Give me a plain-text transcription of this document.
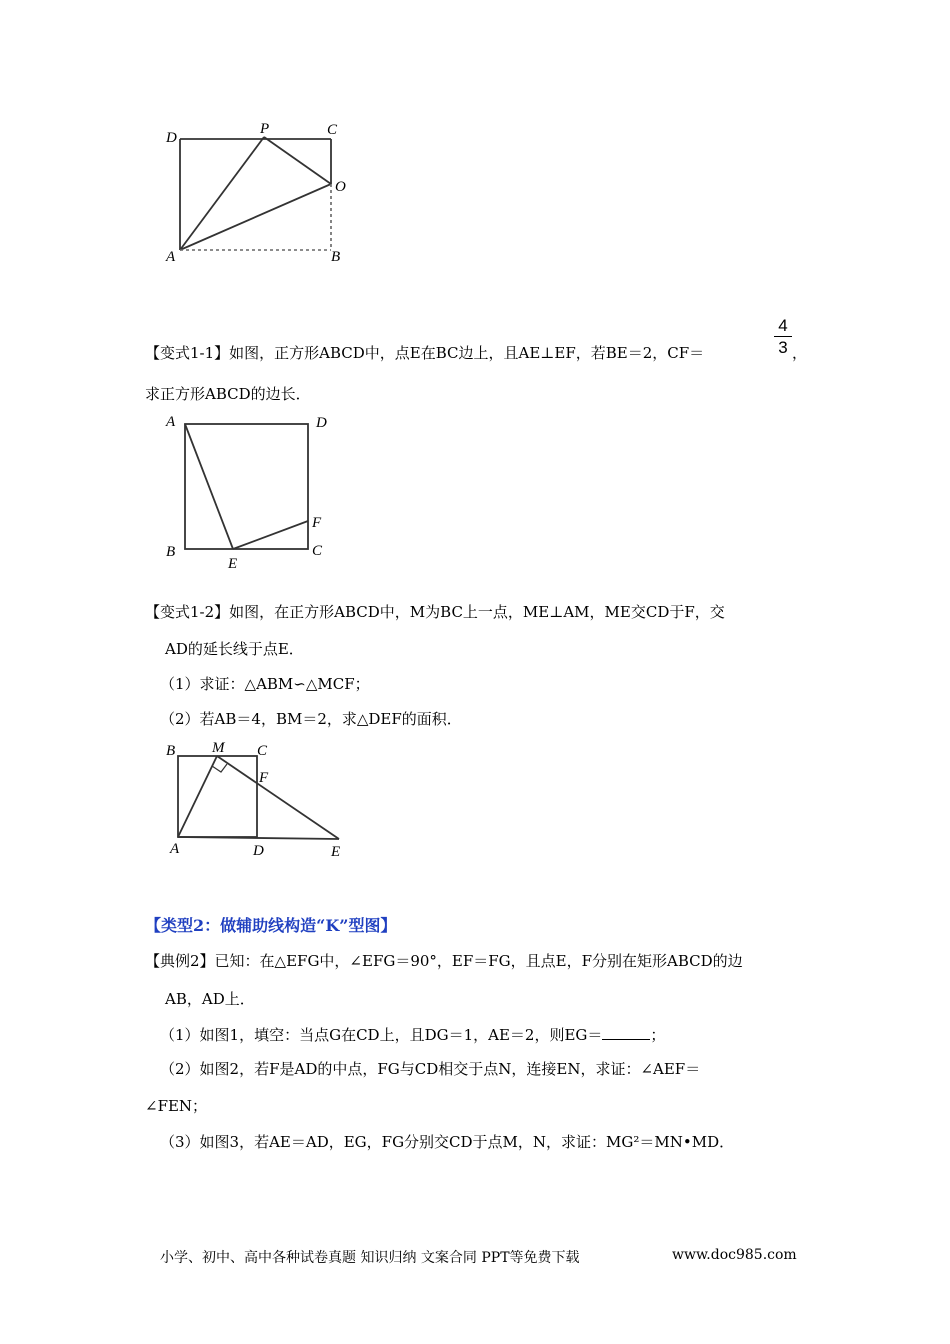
D
P	C
O
A	B
【变式1-1】如图，正方形ABCD中，点E在BC边上，且AE⊥EF，若BE＝2，CF＝
4
3 ，
求正方形ABCD的边长．
A	D
F
B
E
C
【变式1-2】如图，在正方形ABCD中，M为BC上一点，ME⊥AM，ME交CD于F，交
AD的延长线于点E．
（1）求证：△ABM∽△MCF；
（2）若AB＝4，BM＝2，求△DEF的面积．
B M C
F
A	D	E
【类型2：做辅助线构造“K”型图】
【典例2】已知：在△EFG中，∠EFG＝90°，EF＝FG，且点E，F分别在矩形ABCD的边
AB，AD上．
（1）如图1，填空：当点G在CD上，且DG＝1，AE＝2，则EG＝	；
（2）如图2，若F是AD的中点，FG与CD相交于点N，连接EN，求证：∠AEF＝
∠FEN；
（3）如图3，若AE＝AD，EG，FG分别交CD于点M，N，求证：MG²＝MN•MD．
小学、初中、高中各种试卷真题 知识归纳 文案合同 PPT等免费下载	www.doc985.com
